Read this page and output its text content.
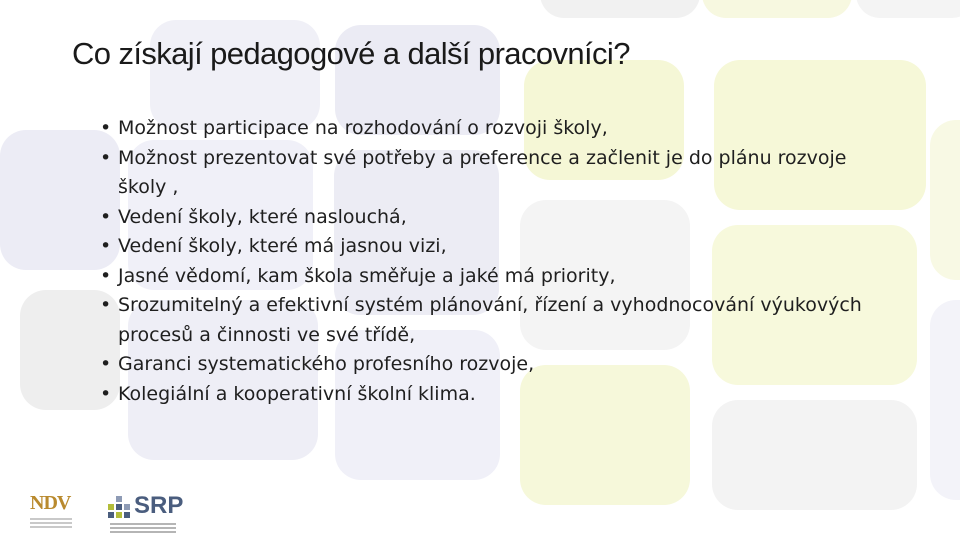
Co získají pedagogové a další pracovníci?
• Možnost participace na rozhodování o rozvoji školy,
• Možnost prezentovat své potřeby a preference a začlenit je do plánu rozvoje školy ,
• Vedení školy, které naslouchá,
• Vedení školy, které má jasnou vizi,
• Jasné vědomí, kam škola směřuje a jaké má priority,
• Srozumitelný a efektivní systém plánování, řízení a vyhodnocování výukových procesů a činnosti ve své třídě,
• Garanci systematického profesního rozvoje,
• Kolegiální a kooperativní školní klima.
NDV	SRP
